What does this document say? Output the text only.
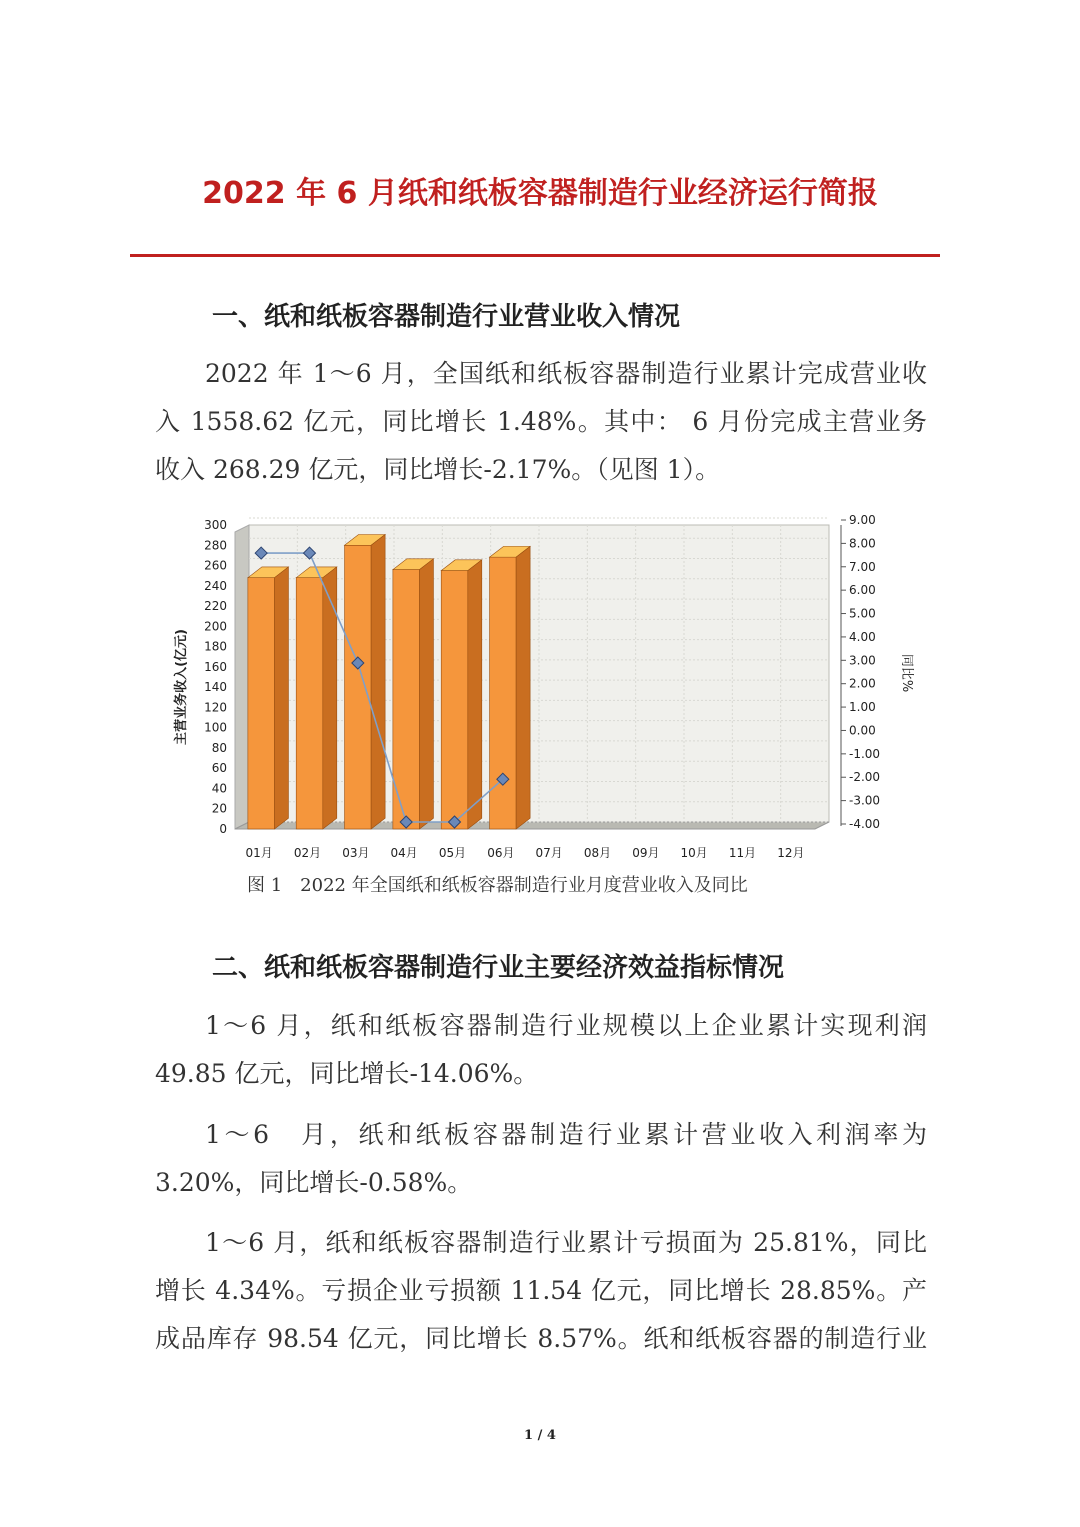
2022 年 6 月纸和纸板容器制造行业经济运行简报
一、纸和纸板容器制造行业营业收入情况
2022 年 1～6 月，全国纸和纸板容器制造行业累计完成营业收
入 1558.62 亿元，同比增长 1.48%。其中： 6 月份完成主营业务
收入 268.29 亿元，同比增长-2.17%。（见图 1）。
0
20
40
60
80
100
120
140
160
180
200
220
240
260
280
300
-4.00
-3.00
-2.00
-1.00
0.00
1.00
2.00
3.00
4.00
5.00
6.00
7.00
8.00
9.00
01月 02月 03月 04月 05月 06月 07月 08月 09月 10月 11月 12月
主营业务收入(亿元)	同比%
图 1　2022 年全国纸和纸板容器制造行业月度营业收入及同比
二、纸和纸板容器制造行业主要经济效益指标情况
1～6 月，纸和纸板容器制造行业规模以上企业累计实现利润
49.85 亿元，同比增长-14.06%。
1～6　月，纸和纸板容器制造行业累计营业收入利润率为
3.20%，同比增长-0.58%。
1～6 月，纸和纸板容器制造行业累计亏损面为 25.81%，同比
增长 4.34%。亏损企业亏损额 11.54 亿元，同比增长 28.85%。产
成品库存 98.54 亿元，同比增长 8.57%。纸和纸板容器的制造行业
1 / 4
